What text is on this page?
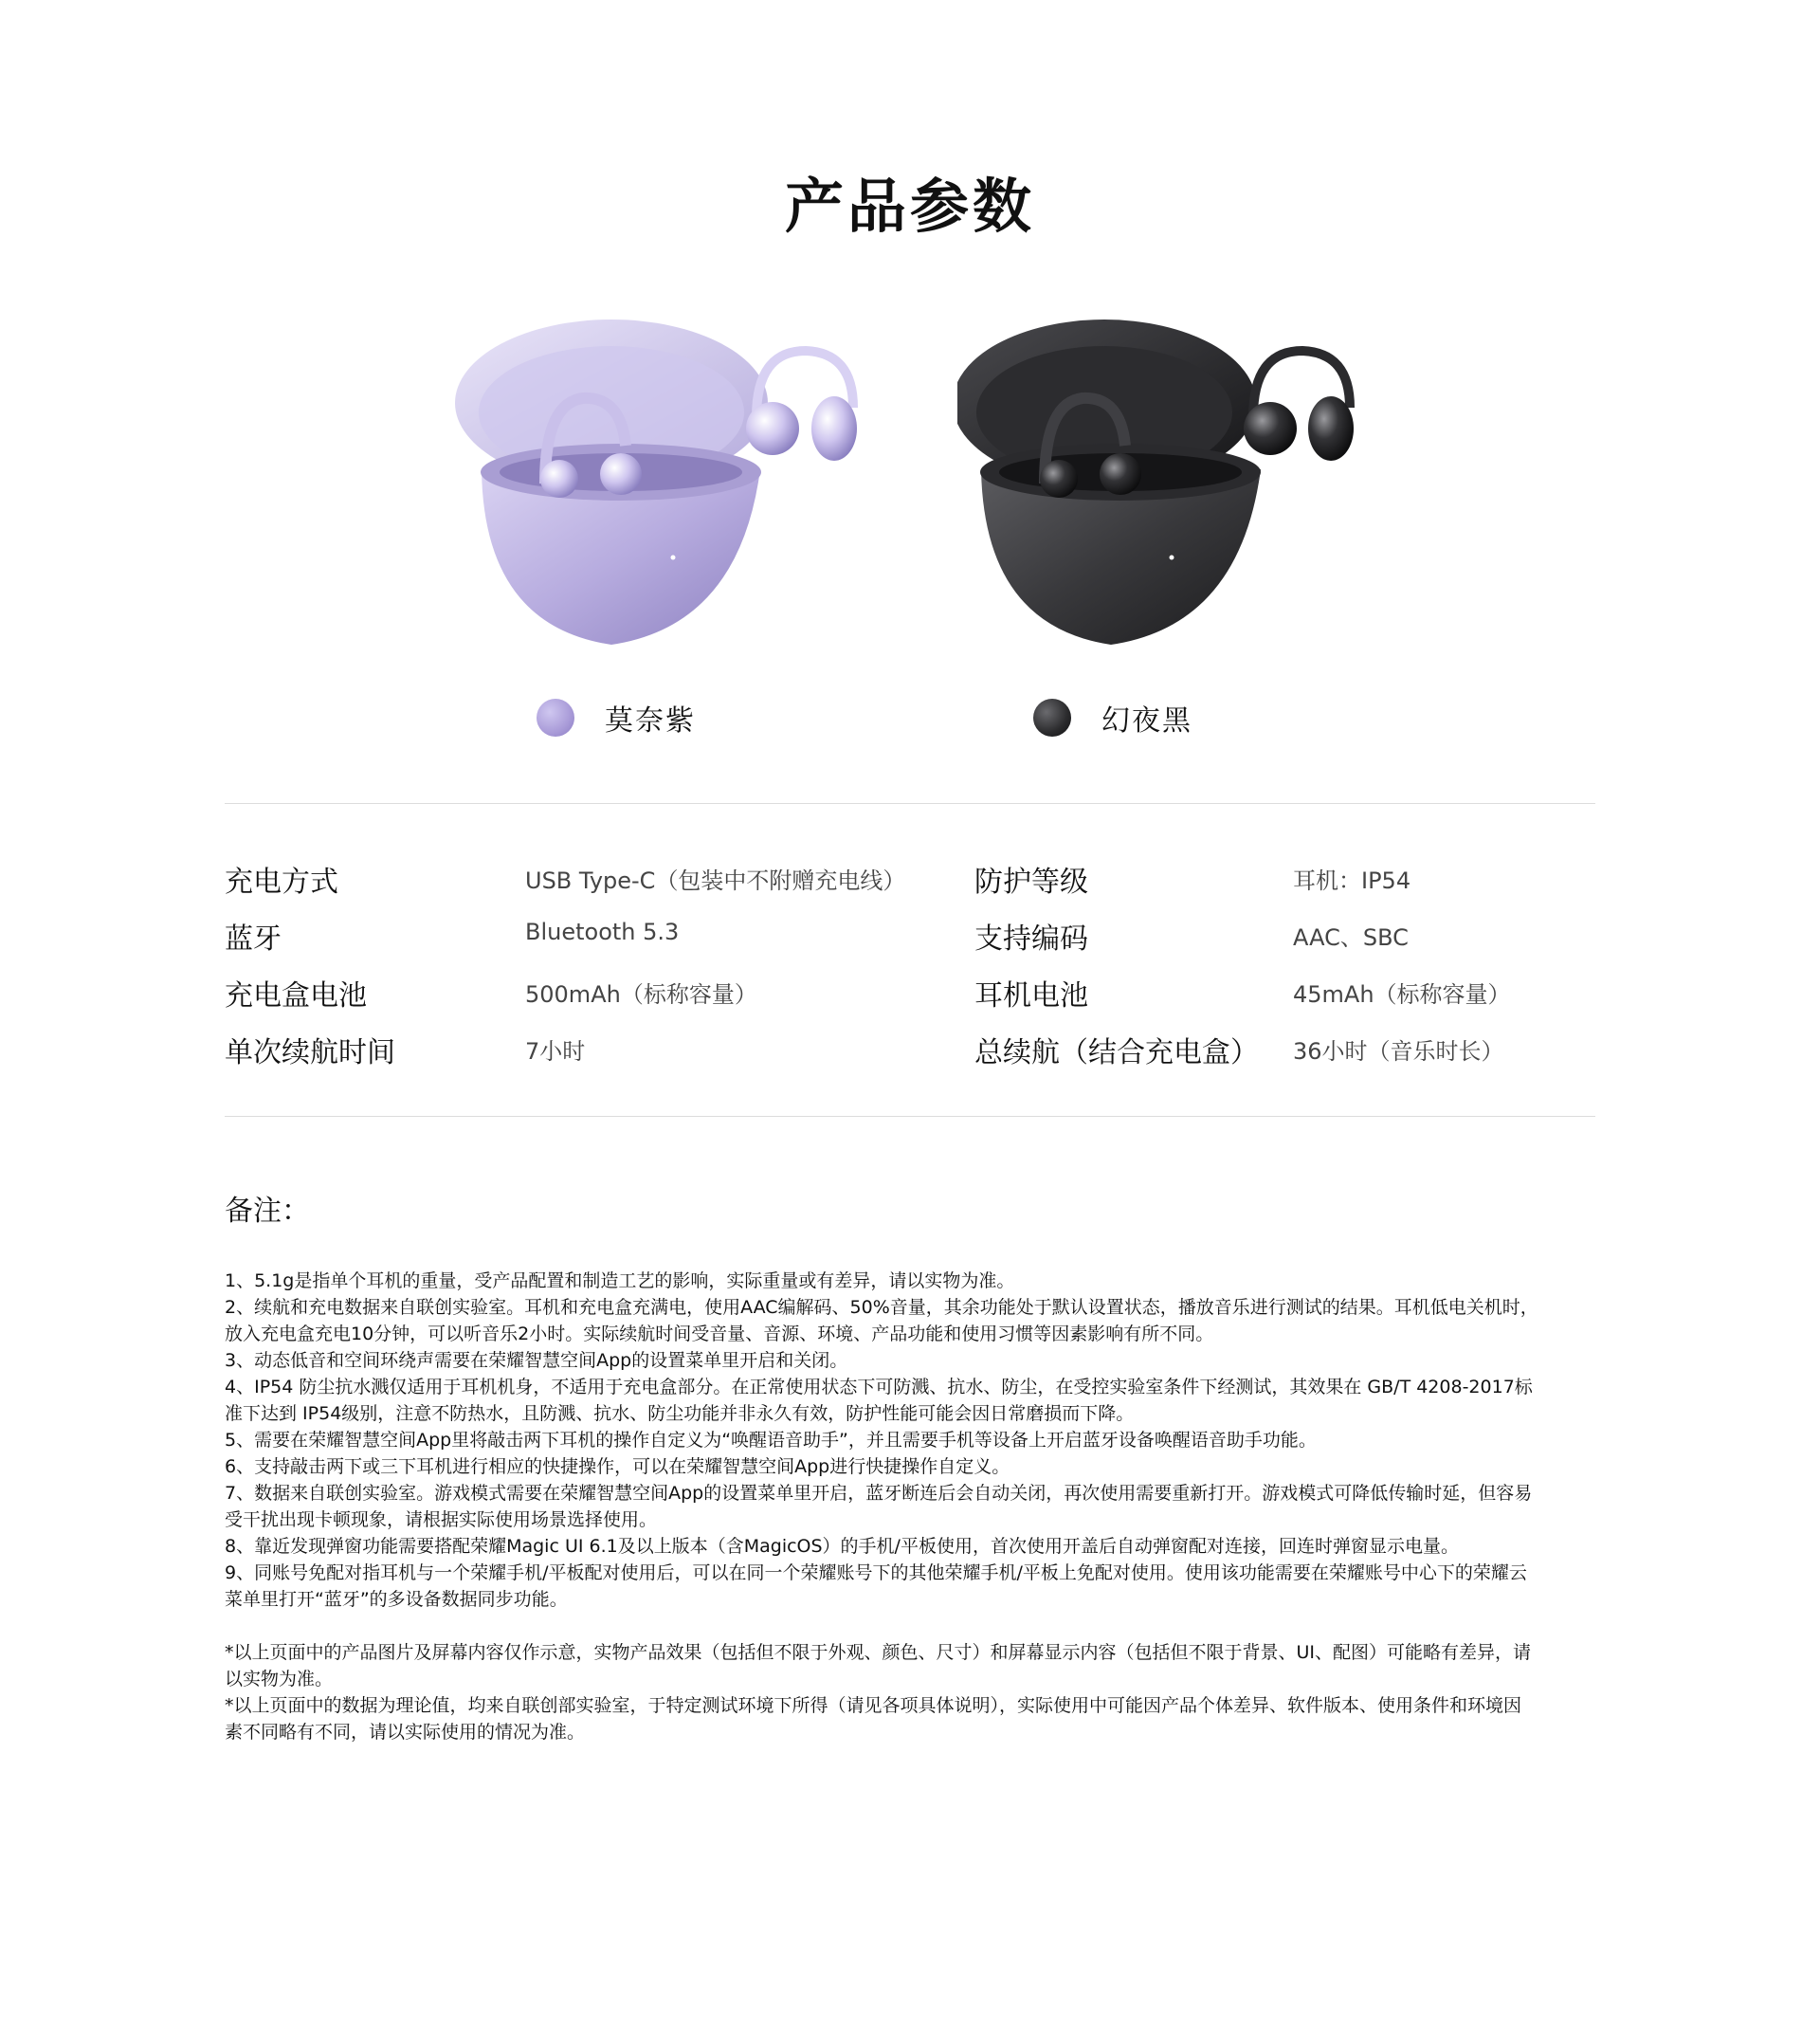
产品参数
莫奈紫	幻夜黑
充电方式	USB Type-C（包装中不附赠充电线） 防护等级	耳机：IP54
蓝牙	Bluetooth 5.3	支持编码	AAC、SBC
充电盒电池	500mAh（标称容量）	耳机电池	45mAh（标称容量）
单次续航时间	7小时	总续航（结合充电盒） 36小时（音乐时长）
备注：

1、5.1g是指单个耳机的重量，受产品配置和制造工艺的影响，实际重量或有差异，请以实物为准。

2、续航和充电数据来自联创实验室。耳机和充电盒充满电，使用AAC编解码、50%音量，其余功能处于默认设置状态，播放音乐进行测试的结果。耳机低电关机时，

放入充电盒充电10分钟，可以听音乐2小时。实际续航时间受音量、音源、环境、产品功能和使用习惯等因素影响有所不同。

3、动态低音和空间环绕声需要在荣耀智慧空间App的设置菜单里开启和关闭。

4、IP54 防尘抗水溅仅适用于耳机机身，不适用于充电盒部分。在正常使用状态下可防溅、抗水、防尘，在受控实验室条件下经测试，其效果在 GB/T 4208-2017标

准下达到 IP54级别，注意不防热水，且防溅、抗水、防尘功能并非永久有效，防护性能可能会因日常磨损而下降。

5、需要在荣耀智慧空间App里将敲击两下耳机的操作自定义为“唤醒语音助手”，并且需要手机等设备上开启蓝牙设备唤醒语音助手功能。

6、支持敲击两下或三下耳机进行相应的快捷操作，可以在荣耀智慧空间App进行快捷操作自定义。

7、数据来自联创实验室。游戏模式需要在荣耀智慧空间App的设置菜单里开启，蓝牙断连后会自动关闭，再次使用需要重新打开。游戏模式可降低传输时延，但容易

受干扰出现卡顿现象，请根据实际使用场景选择使用。

8、靠近发现弹窗功能需要搭配荣耀Magic UI 6.1及以上版本（含MagicOS）的手机/平板使用，首次使用开盖后自动弹窗配对连接，回连时弹窗显示电量。

9、同账号免配对指耳机与一个荣耀手机/平板配对使用后，可以在同一个荣耀账号下的其他荣耀手机/平板上免配对使用。使用该功能需要在荣耀账号中心下的荣耀云

菜单里打开“蓝牙”的多设备数据同步功能。

*以上页面中的产品图片及屏幕内容仅作示意，实物产品效果（包括但不限于外观、颜色、尺寸）和屏幕显示内容（包括但不限于背景、UI、配图）可能略有差异，请

以实物为准。

*以上页面中的数据为理论值，均来自联创部实验室，于特定测试环境下所得（请见各项具体说明），实际使用中可能因产品个体差异、软件版本、使用条件和环境因

素不同略有不同，请以实际使用的情况为准。
